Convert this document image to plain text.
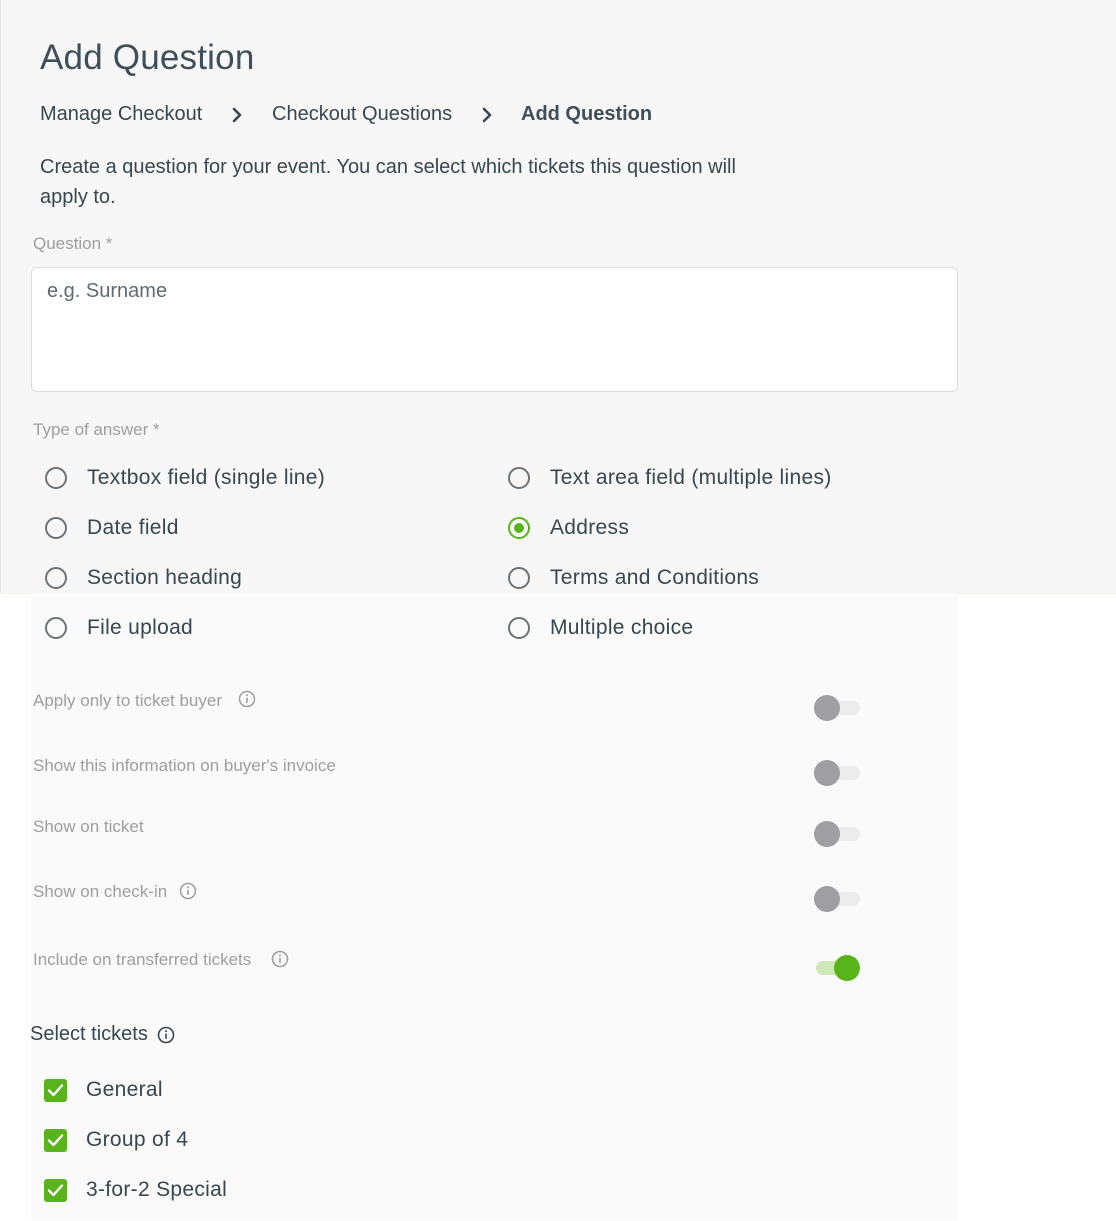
Add Question
Manage Checkout	Checkout Questions	Add Question
Create a question for your event. You can select which tickets this question will apply to.
Question *
e.g. Surname
Type of answer *
Textbox field (single line)	Text area field (multiple lines)
Date field	Address
Section heading	Terms and Conditions
File upload	Multiple choice
Apply only to ticket buyer
Show this information on buyer's invoice
Show on ticket
Show on check-in
Include on transferred tickets
Select tickets
General
Group of 4
3-for-2 Special
